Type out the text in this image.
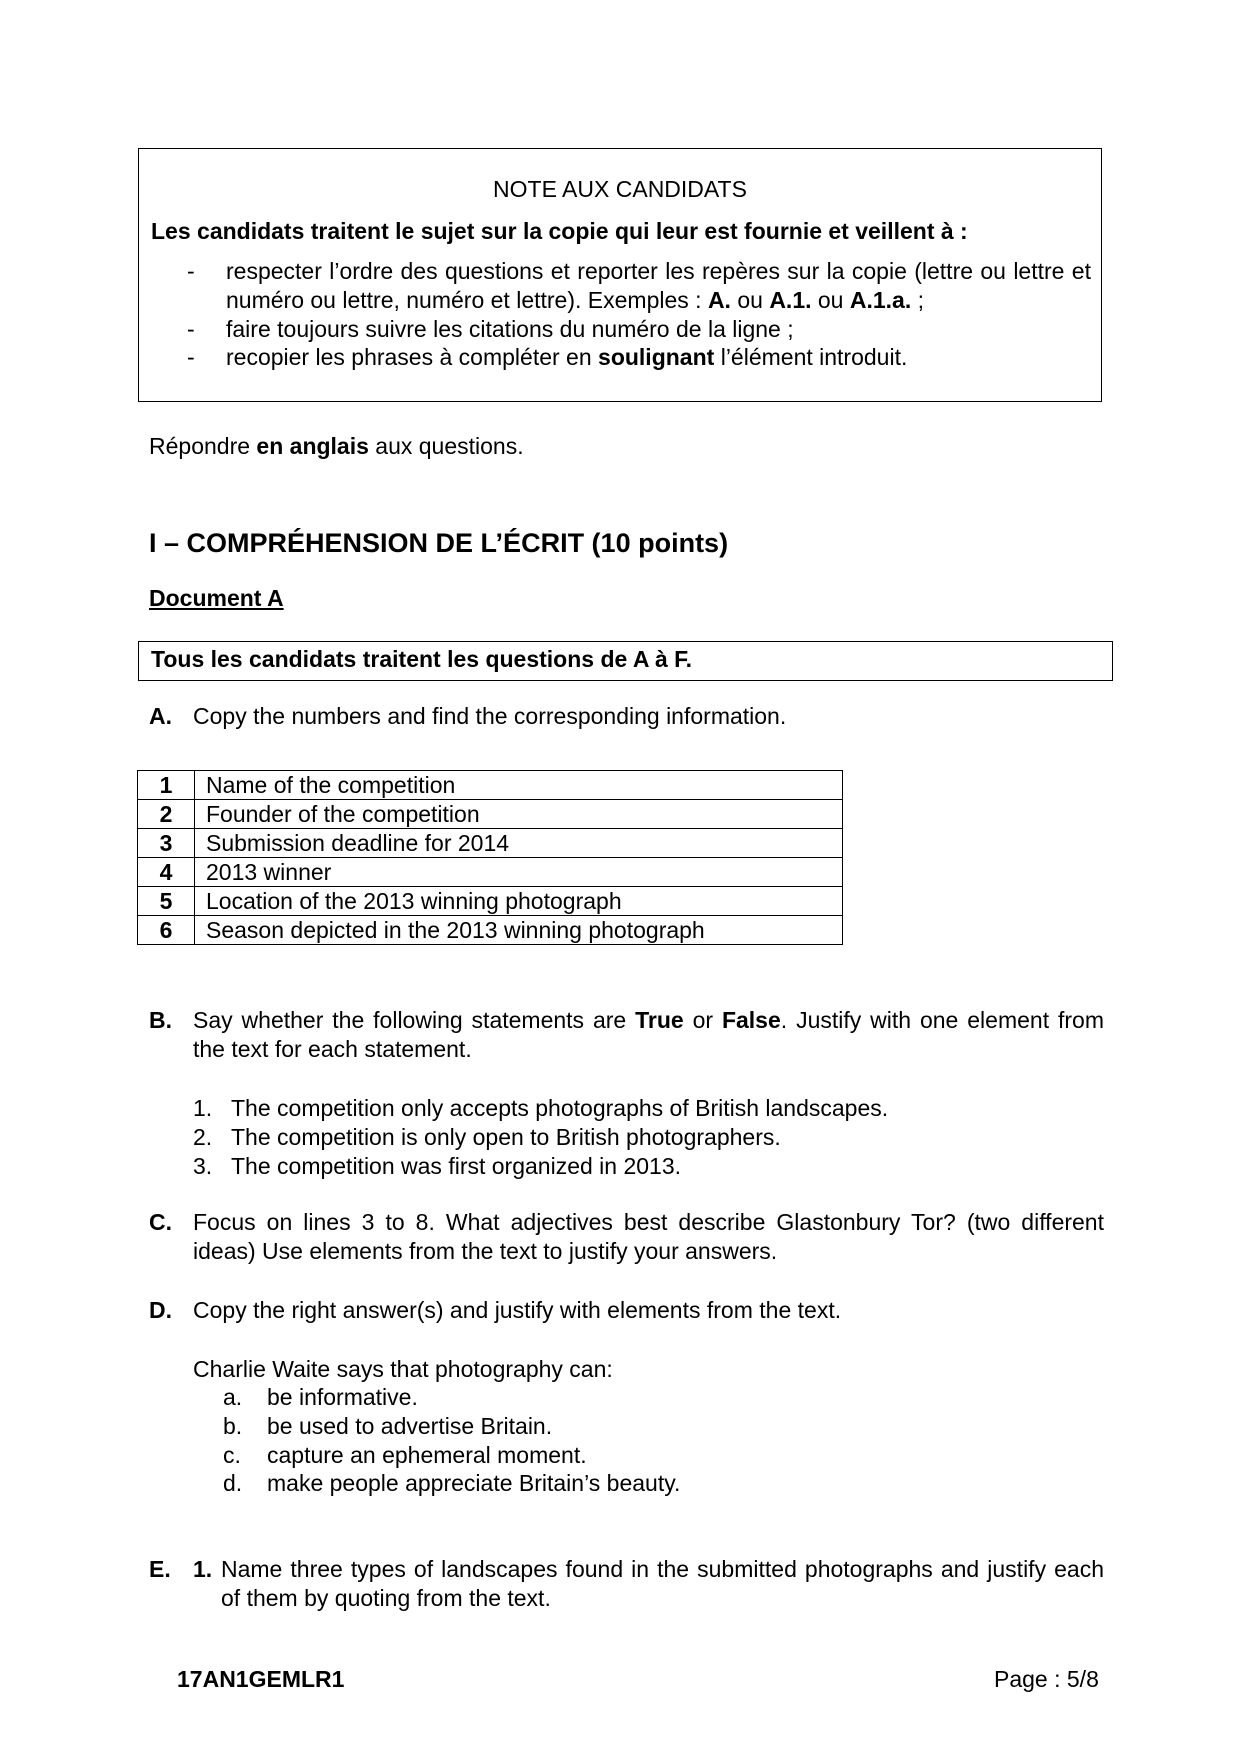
NOTE AUX CANDIDATS
Les candidats traitent le sujet sur la copie qui leur est fournie et veillent à :
- respecter l’ordre des questions et reporter les repères sur la copie (lettre ou lettre et numéro ou lettre, numéro et lettre). Exemples : A. ou A.1. ou A.1.a. ;
- faire toujours suivre les citations du numéro de la ligne ;
- recopier les phrases à compléter en soulignant l’élément introduit.
Répondre en anglais aux questions.
I – COMPRÉHENSION DE L’ÉCRIT (10 points)
Document A
Tous les candidats traitent les questions de A à F.
A. Copy the numbers and find the corresponding information.
1	Name of the competition
2	Founder of the competition
3	Submission deadline for 2014
4	2013 winner
5	Location of the 2013 winning photograph
6	Season depicted in the 2013 winning photograph
B. Say whether the following statements are True or False. Justify with one element from the text for each statement.
1. The competition only accepts photographs of British landscapes.
2. The competition is only open to British photographers.
3. The competition was first organized in 2013.
C. Focus on lines 3 to 8. What adjectives best describe Glastonbury Tor? (two different ideas) Use elements from the text to justify your answers.
D. Copy the right answer(s) and justify with elements from the text.
Charlie Waite says that photography can:
a. be informative.
b. be used to advertise Britain.
c. capture an ephemeral moment.
d. make people appreciate Britain’s beauty.
E. 1. Name three types of landscapes found in the submitted photographs and justify each of them by quoting from the text.
17AN1GEMLR1	Page : 5/8
